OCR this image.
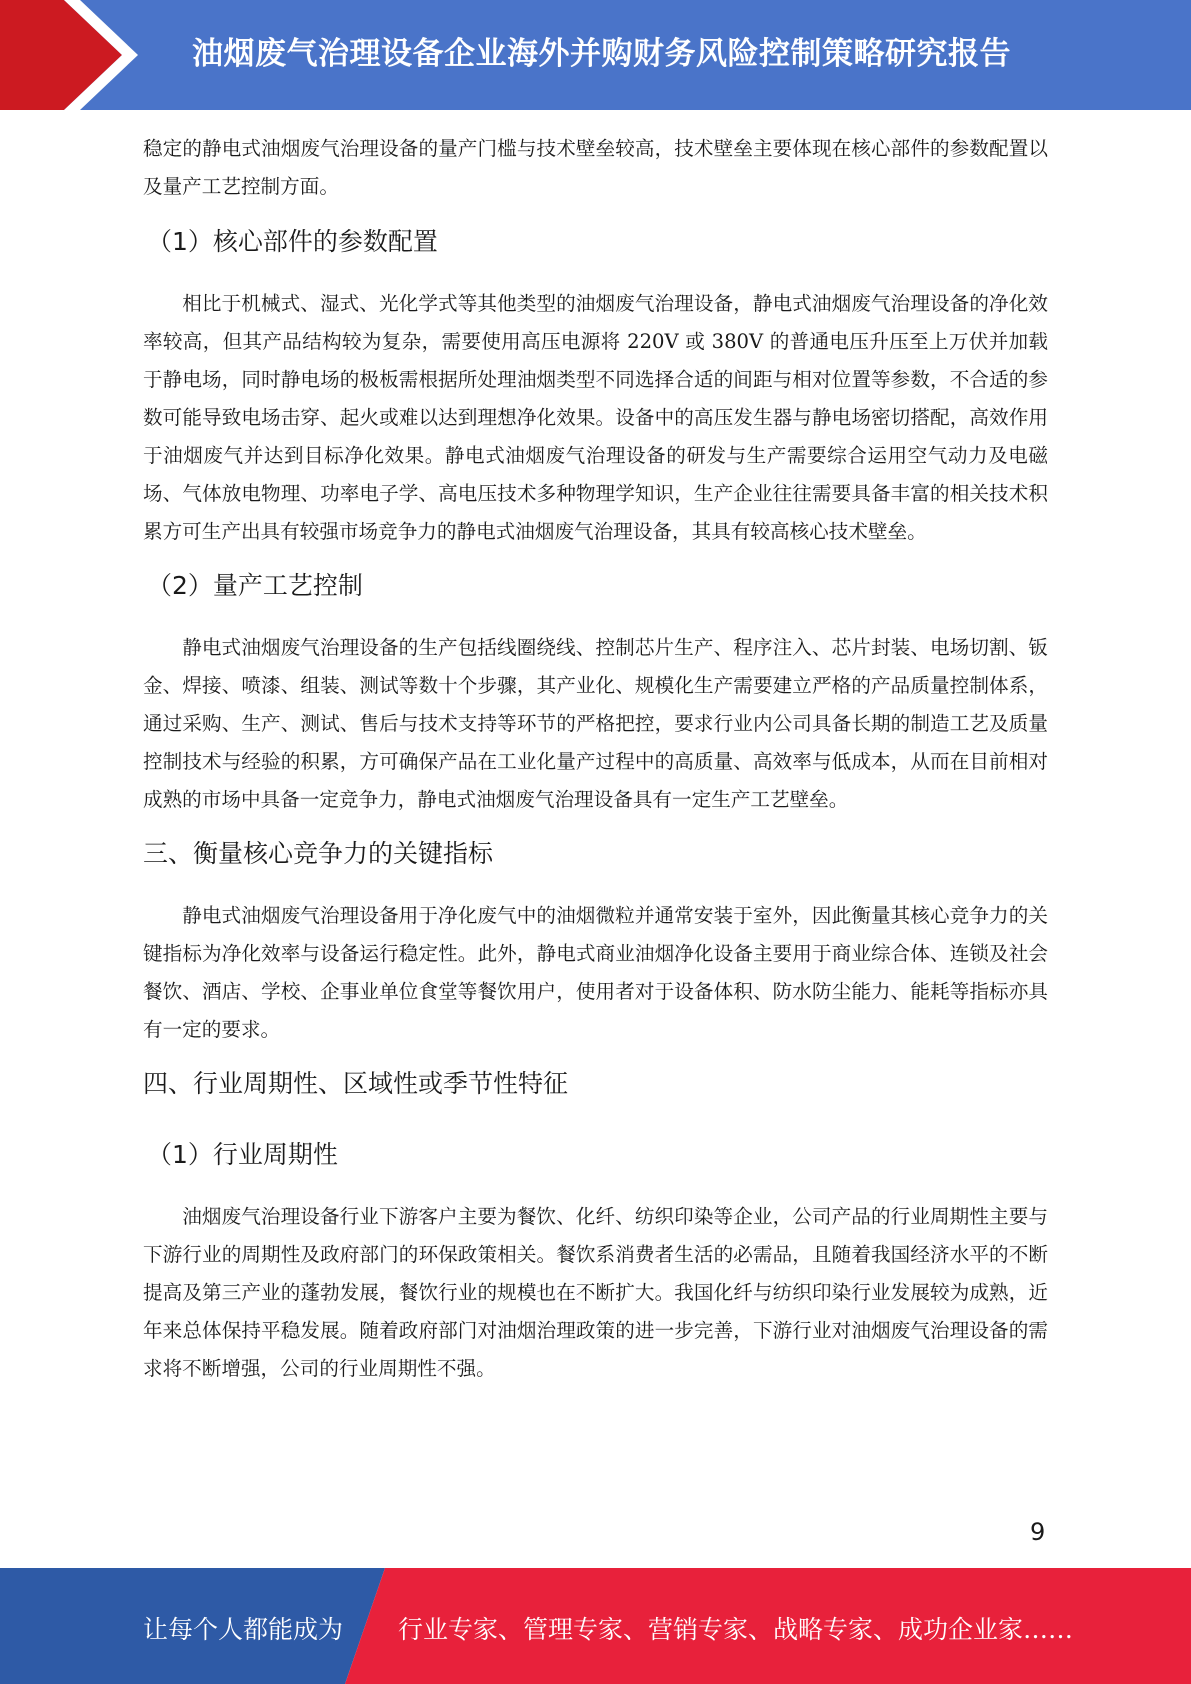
油烟废气治理设备企业海外并购财务风险控制策略研究报告

稳定的静电式油烟废气治理设备的量产门槛与技术壁垒较高，技术壁垒主要体现在核心部件的参数配置以及量产工艺控制方面。

（1）核心部件的参数配置

相比于机械式、湿式、光化学式等其他类型的油烟废气治理设备，静电式油烟废气治理设备的净化效率较高，但其产品结构较为复杂，需要使用高压电源将 220V 或 380V 的普通电压升压至上万伏并加载于静电场，同时静电场的极板需根据所处理油烟类型不同选择合适的间距与相对位置等参数，不合适的参数可能导致电场击穿、起火或难以达到理想净化效果。设备中的高压发生器与静电场密切搭配，高效作用于油烟废气并达到目标净化效果。静电式油烟废气治理设备的研发与生产需要综合运用空气动力及电磁场、气体放电物理、功率电子学、高电压技术多种物理学知识，生产企业往往需要具备丰富的相关技术积累方可生产出具有较强市场竞争力的静电式油烟废气治理设备，其具有较高核心技术壁垒。

（2）量产工艺控制

静电式油烟废气治理设备的生产包括线圈绕线、控制芯片生产、程序注入、芯片封装、电场切割、钣金、焊接、喷漆、组装、测试等数十个步骤，其产业化、规模化生产需要建立严格的产品质量控制体系，通过采购、生产、测试、售后与技术支持等环节的严格把控，要求行业内公司具备长期的制造工艺及质量控制技术与经验的积累，方可确保产品在工业化量产过程中的高质量、高效率与低成本，从而在目前相对成熟的市场中具备一定竞争力，静电式油烟废气治理设备具有一定生产工艺壁垒。

三、衡量核心竞争力的关键指标

静电式油烟废气治理设备用于净化废气中的油烟微粒并通常安装于室外，因此衡量其核心竞争力的关键指标为净化效率与设备运行稳定性。此外，静电式商业油烟净化设备主要用于商业综合体、连锁及社会餐饮、酒店、学校、企事业单位食堂等餐饮用户，使用者对于设备体积、防水防尘能力、能耗等指标亦具有一定的要求。

四、行业周期性、区域性或季节性特征
（1）行业周期性

油烟废气治理设备行业下游客户主要为餐饮、化纤、纺织印染等企业，公司产品的行业周期性主要与下游行业的周期性及政府部门的环保政策相关。餐饮系消费者生活的必需品，且随着我国经济水平的不断提高及第三产业的蓬勃发展，餐饮行业的规模也在不断扩大。我国化纤与纺织印染行业发展较为成熟，近年来总体保持平稳发展。随着政府部门对油烟治理政策的进一步完善，下游行业对油烟废气治理设备的需求将不断增强，公司的行业周期性不强。

9
让每个人都能成为 行业专家、管理专家、营销专家、战略专家、成功企业家……
